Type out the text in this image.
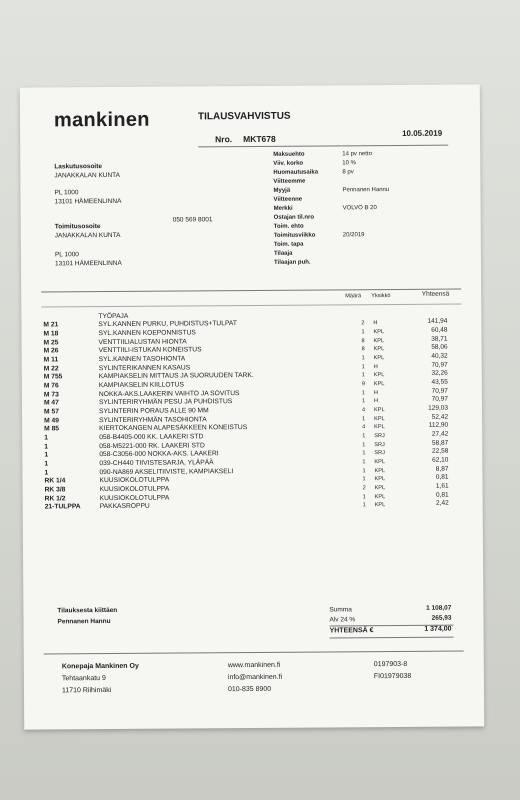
mankinen	TILAUSVAHVISTUS
Nro. MKT678
10.05.2019
Laskutusosoite
JANAKKALAN KUNTA
PL 1000
13101 HÄMEENLINNA
050 569 8001
Toimitusosoite
JANAKKALAN KUNTA
PL 1000
13101 HÄMEENLINNA
Maksuehto	14 pv netto
Viiv. korko	10 %
Huomautusaika	8 pv
Viitteemme
Myyjä	Pennanen Hannu
Viitteenne
Merkki	VOLVO B 20
Ostajan til.nro
Toim. ehto
Toimitusviikko	20/2019
Toim. tapa
Tilaaja
Tilaajan puh.
Määrä Yksikkö	Yhteensä
TYÖPAJA
M 21	SYL.KANNEN PURKU, PUHDISTUS+TULPAT	2 H	141,94
M 18	SYL.KANNEN KOEPONNISTUS	1 KPL	60,48
M 25	VENTTIILIALUSTAN HIONTA	8 KPL	38,71
M 26	VENTTIILI-ISTUKAN KONEISTUS	8 KPL	58,06
M 11	SYL.KANNEN TASOHIONTA	1 KPL	40,32
M 22	SYLINTERIKANNEN KASAUS	1 H	70,97
M 755	KAMPIAKSELIN MITTAUS JA SUORUUDEN TARK.	1 KPL	32,26
M 76	KAMPIAKSELIN KIILLOTUS	9 KPL	43,55
M 73	NOKKA-AKS.LAAKERIN VAIHTO JA SOVITUS	1 H	70,97
M 47	SYLINTERIRYHMÄN PESU JA PUHDISTUS	1 H	70,97
M 57	SYLINTERIN PORAUS ALLE 90 MM	4 KPL	129,03
M 49	SYLINTERIRYHMÄN TASOHIONTA	1 KPL	52,42
M 85	KIERTOKANGEN ALAPESÄKKEEN KONEISTUS	4 KPL	112,90
1	058-B4405-000 KK. LAAKERI STD	1 SRJ	27,42
1	058-M5221-000 RK. LAAKERI STD	1 SRJ	58,87
1	058-C3056-000 NOKKA-AKS. LAAKERI	1 SRJ	22,58
1	039-CH440 TIIVISTESARJA, YLÄPÄÄ	1 KPL	62,10
1	090-NA869 AKSELITIIVISTE, KAMPIAKSELI	1 KPL	8,87
RK 1/4	KUUSIOKOLOTULPPA	1 KPL	0,81
RK 3/8	KUUSIOKOLOTULPPA	2 KPL	1,61
RK 1/2	KUUSIOKOLOTULPPA	1 KPL	0,81
21-TULPPA	PAKKASROPPU	1 KPL	2,42
Tilauksesta kiittäen
Pennanen Hannu
Summa	1 108,07
Alv 24 %	265,93
YHTEENSÄ €	1 374,00
Konepaja Mankinen Oy
Tehtaankatu 9
11710 Riihimäki
www.mankinen.fi
info@mankinen.fi
010-835 8900
0197903-8
FI01979038
